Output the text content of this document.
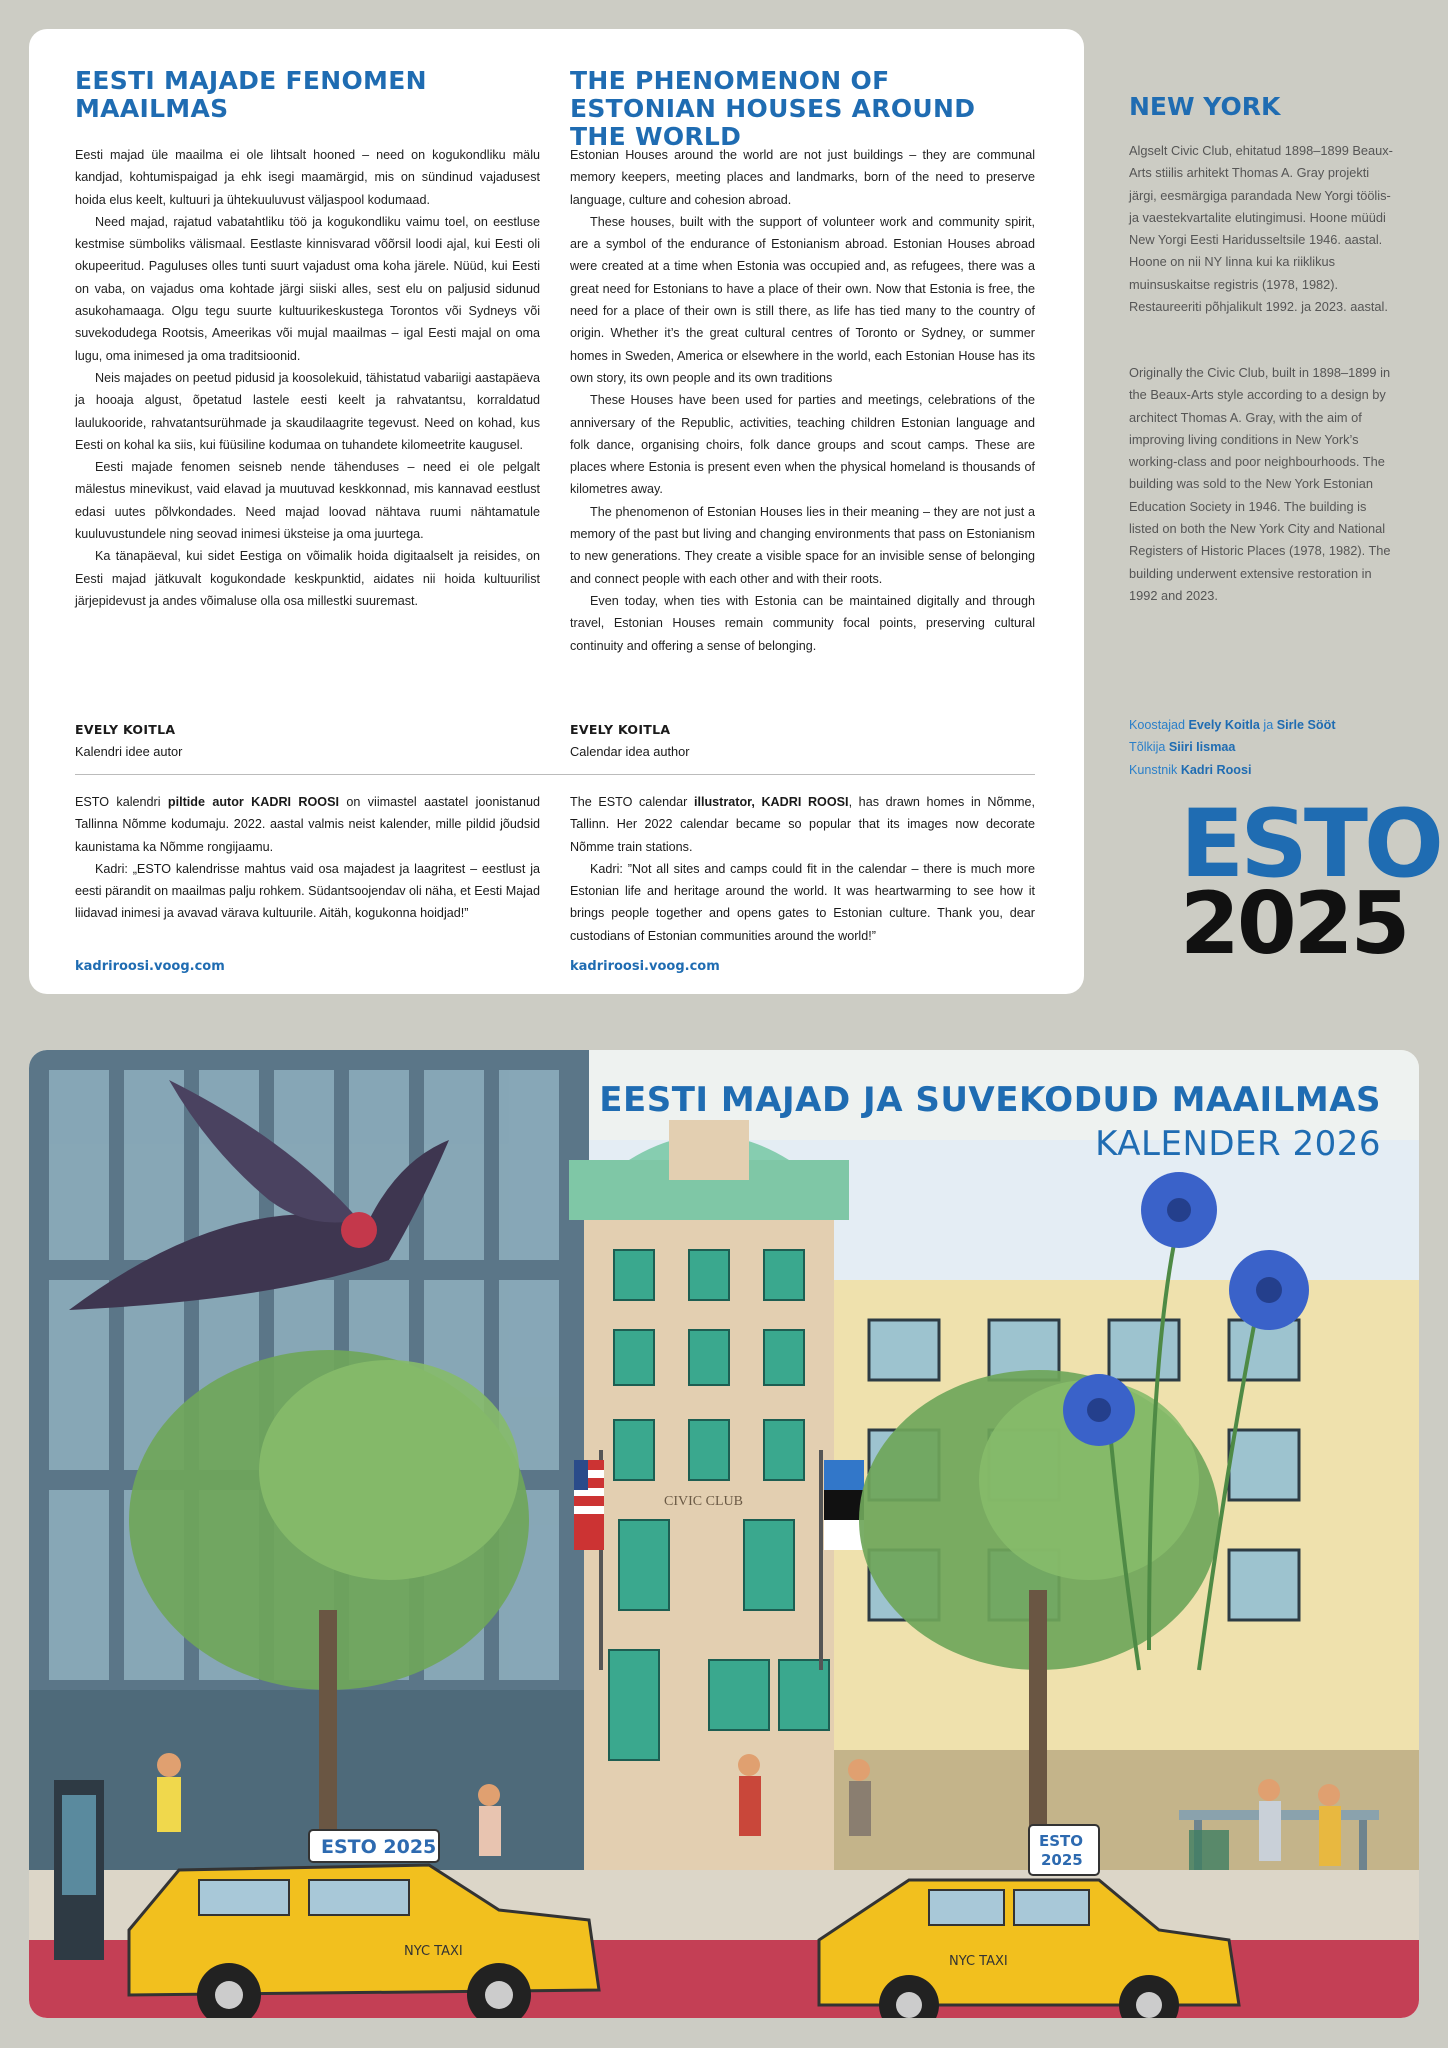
EESTI MAJADE FENOMEN MAAILMAS

Eesti majad üle maailma ei ole lihtsalt hooned – need on kogukondliku mälu kandjad, kohtumispaigad ja ehk isegi maamärgid, mis on sündinud vajadusest hoida elus keelt, kultuuri ja ühtekuuluvust väljaspool kodumaad.

Need majad, rajatud vabatahtliku töö ja kogukondliku vaimu toel, on eestluse kestmise sümboliks välismaal. Eestlaste kinnisvarad võõrsil loodi ajal, kui Eesti oli okupeeritud. Paguluses olles tunti suurt vajadust oma koha järele. Nüüd, kui Eesti on vaba, on vajadus oma kohtade järgi siiski alles, sest elu on paljusid sidunud asukohamaaga. Olgu tegu suurte kultuurikeskustega Torontos või Sydneys või suvekodudega Rootsis, Ameerikas või mujal maailmas – igal Eesti majal on oma lugu, oma inimesed ja oma traditsioonid.

Neis majades on peetud pidusid ja koosolekuid, tähistatud vabariigi aastapäeva ja hooaja algust, õpetatud lastele eesti keelt ja rahvatantsu, korraldatud laulukooride, rahvatantsurühmade ja skaudilaagrite tegevust. Need on kohad, kus Eesti on kohal ka siis, kui füüsiline kodumaa on tuhandete kilomeetrite kaugusel.

Eesti majade fenomen seisneb nende tähenduses – need ei ole pelgalt mälestus minevikust, vaid elavad ja muutuvad keskkonnad, mis kannavad eestlust edasi uutes põlvkondades. Need majad loovad nähtava ruumi nähtamatule kuuluvustundele ning seovad inimesi üksteise ja oma juurtega.

Ka tänapäeval, kui sidet Eestiga on võimalik hoida digitaalselt ja reisides, on Eesti majad jätkuvalt kogukondade keskpunktid, aidates nii hoida kultuurilist järjepidevust ja andes võimaluse olla osa millestki suuremast.

EVELY KOITLA
Kalendri idee autor
THE PHENOMENON OF ESTONIAN HOUSES AROUND THE WORLD

Estonian Houses around the world are not just buildings – they are communal memory keepers, meeting places and landmarks, born of the need to preserve language, culture and cohesion abroad.

These houses, built with the support of volunteer work and community spirit, are a symbol of the endurance of Estonianism abroad. Estonian Houses abroad were created at a time when Estonia was occupied and, as refugees, there was a great need for Estonians to have a place of their own. Now that Estonia is free, the need for a place of their own is still there, as life has tied many to the country of origin. Whether it’s the great cultural centres of Toronto or Sydney, or summer homes in Sweden, America or elsewhere in the world, each Estonian House has its own story, its own people and its own traditions

These Houses have been used for parties and meetings, celebrations of the anniversary of the Republic, activities, teaching children Estonian language and folk dance, organising choirs, folk dance groups and scout camps. These are places where Estonia is present even when the physical homeland is thousands of kilometres away.

The phenomenon of Estonian Houses lies in their meaning – they are not just a memory of the past but living and changing environments that pass on Estonianism to new generations. They create a visible space for an invisible sense of belonging and connect people with each other and with their roots.

Even today, when ties with Estonia can be maintained digitally and through travel, Estonian Houses remain community focal points, preserving cultural continuity and offering a sense of belonging.

EVELY KOITLA
Calendar idea author

ESTO kalendri piltide autor KADRI ROOSI on viimastel aastatel joonistanud Tallinna Nõmme kodumaju. 2022. aastal valmis neist kalender, mille pildid jõudsid kaunistama ka Nõmme rongijaamu.

Kadri: „ESTO kalendrisse mahtus vaid osa majadest ja laagritest – eestlust ja eesti pärandit on maailmas palju rohkem. Südantsoojendav oli näha, et Eesti Majad liidavad inimesi ja avavad värava kultuurile. Aitäh, kogukonna hoidjad!”

The ESTO calendar illustrator, KADRI ROOSI, has drawn homes in Nõmme, Tallinn. Her 2022 calendar became so popular that its images now decorate Nõmme train stations.

Kadri: ”Not all sites and camps could fit in the calendar – there is much more Estonian life and heritage around the world. It was heartwarming to see how it brings people together and opens gates to Estonian culture. Thank you, dear custodians of Estonian communities around the world!”

kadriroosi.voog.com	kadriroosi.voog.com
NEW YORK
Algselt Civic Club, ehitatud 1898–1899 Beaux-Arts stiilis arhitekt Thomas A. Gray projekti järgi, eesmärgiga parandada New Yorgi töölis- ja vaestekvartalite elutingimusi. Hoone müüdi New Yorgi Eesti Haridusseltsile 1946. aastal. Hoone on nii NY linna kui ka riiklikus muinsuskaitse registris (1978, 1982). Restaureeriti põhjalikult 1992. ja 2023. aastal.
Originally the Civic Club, built in 1898–1899 in the Beaux-Arts style according to a design by architect Thomas A. Gray, with the aim of improving living conditions in New York’s working-class and poor neighbourhoods. The building was sold to the New York Estonian Education Society in 1946. The building is listed on both the New York City and National Registers of Historic Places (1978, 1982). The building underwent extensive restoration in 1992 and 2023.
Koostajad Evely Koitla ja Sirle Sööt
Tõlkija Siiri Iismaa
Kunstnik Kadri Roosi
ESTO
2025
CIVIC CLUB
ESTO 2025
NYC TAXI
ESTO
2025
NYC TAXI
EESTI MAJAD JA SUVEKODUD MAAILMAS
KALENDER 2026
